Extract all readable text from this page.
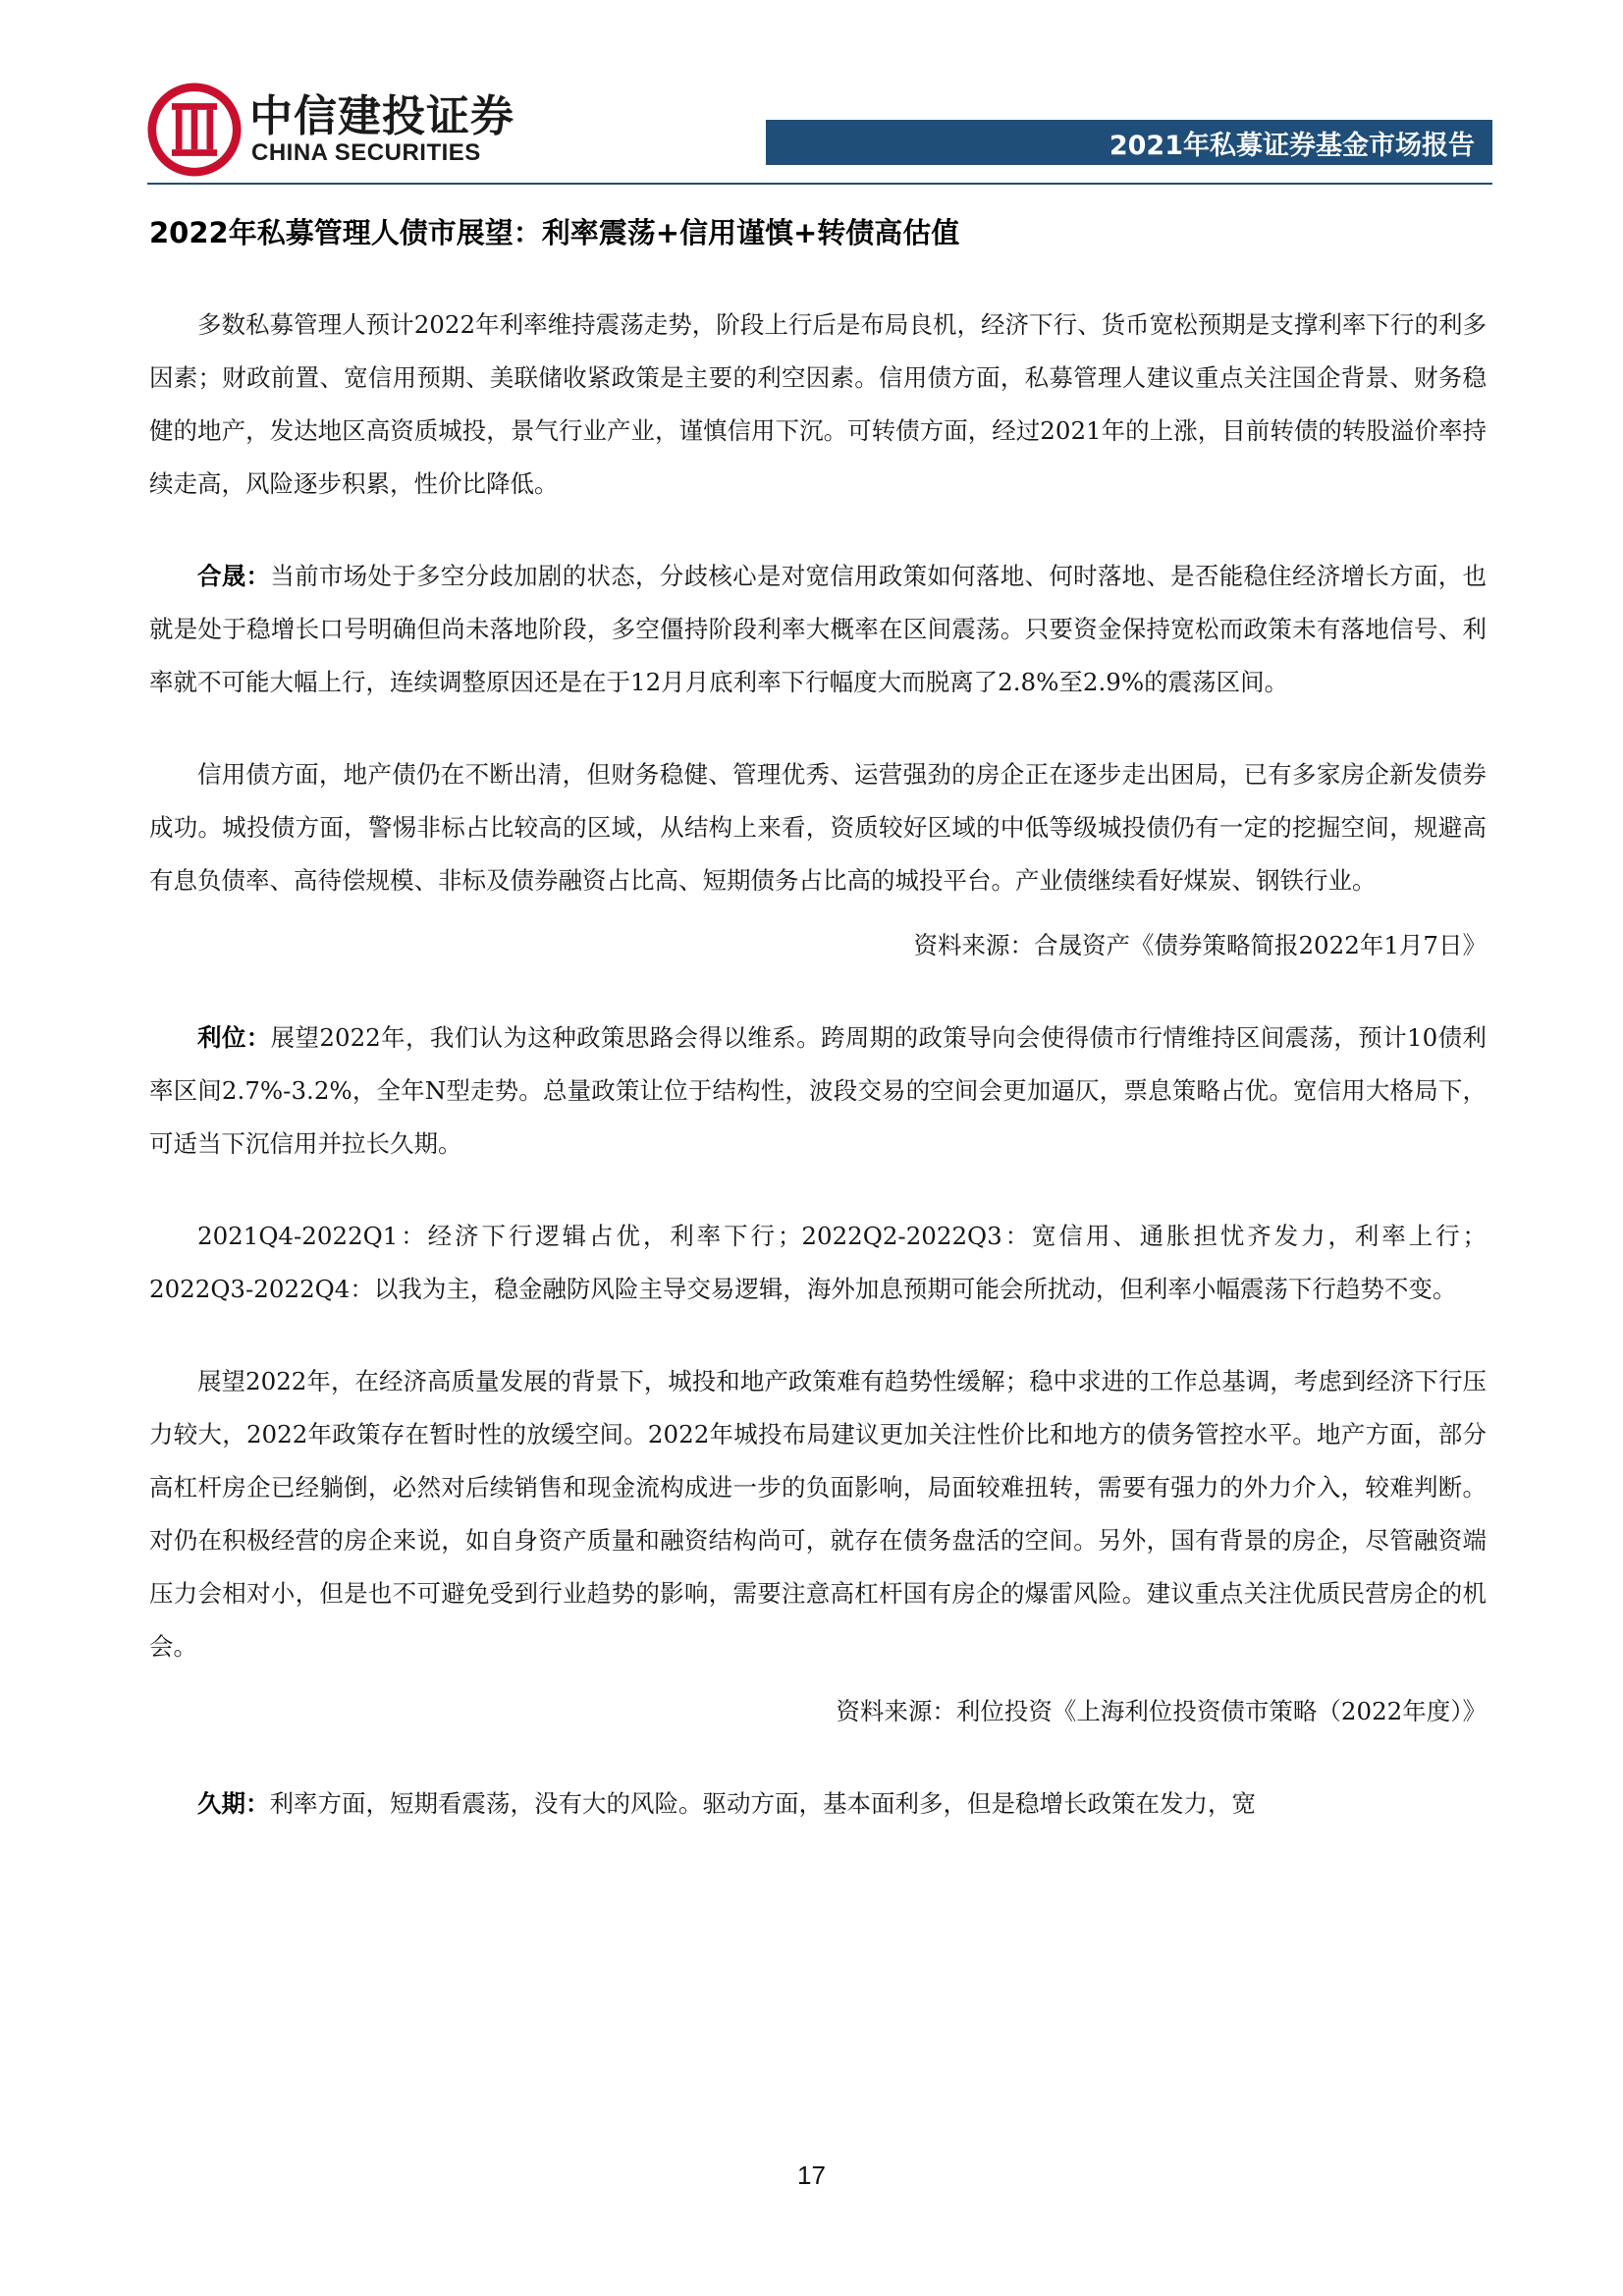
中信建投证券

CHINA SECURITIES	2021年私募证券基金市场报告
2022年私募管理人债市展望：利率震荡+信用谨慎+转债高估值

多数私募管理人预计2022年利率维持震荡走势，阶段上行后是布局良机，经济下行、货币宽松预期是支撑利率下行的利多因素；财政前置、宽信用预期、美联储收紧政策是主要的利空因素。信用债方面，私募管理人建议重点关注国企背景、财务稳健的地产，发达地区高资质城投，景气行业产业，谨慎信用下沉。可转债方面，经过2021年的上涨，目前转债的转股溢价率持续走高，风险逐步积累，性价比降低。

合晟：当前市场处于多空分歧加剧的状态，分歧核心是对宽信用政策如何落地、何时落地、是否能稳住经济增长方面，也就是处于稳增长口号明确但尚未落地阶段，多空僵持阶段利率大概率在区间震荡。只要资金保持宽松而政策未有落地信号、利率就不可能大幅上行，连续调整原因还是在于12月月底利率下行幅度大而脱离了2.8%至2.9%的震荡区间。

信用债方面，地产债仍在不断出清，但财务稳健、管理优秀、运营强劲的房企正在逐步走出困局，已有多家房企新发债券成功。城投债方面，警惕非标占比较高的区域，从结构上来看，资质较好区域的中低等级城投债仍有一定的挖掘空间，规避高有息负债率、高待偿规模、非标及债券融资占比高、短期债务占比高的城投平台。产业债继续看好煤炭、钢铁行业。

资料来源：合晟资产《债券策略简报2022年1月7日》

利位：展望2022年，我们认为这种政策思路会得以维系。跨周期的政策导向会使得债市行情维持区间震荡，预计10债利率区间2.7%-3.2%，全年N型走势。总量政策让位于结构性，波段交易的空间会更加逼仄，票息策略占优。宽信用大格局下，可适当下沉信用并拉长久期。

2021Q4-2022Q1：经济下行逻辑占优，利率下行；2022Q2-2022Q3：宽信用、通胀担忧齐发力，利率上行；2022Q3-2022Q4：以我为主，稳金融防风险主导交易逻辑，海外加息预期可能会所扰动，但利率小幅震荡下行趋势不变。

展望2022年，在经济高质量发展的背景下，城投和地产政策难有趋势性缓解；稳中求进的工作总基调，考虑到经济下行压力较大，2022年政策存在暂时性的放缓空间。2022年城投布局建议更加关注性价比和地方的债务管控水平。地产方面，部分高杠杆房企已经躺倒，必然对后续销售和现金流构成进一步的负面影响，局面较难扭转，需要有强力的外力介入，较难判断。对仍在积极经营的房企来说，如自身资产质量和融资结构尚可，就存在债务盘活的空间。另外，国有背景的房企，尽管融资端压力会相对小，但是也不可避免受到行业趋势的影响，需要注意高杠杆国有房企的爆雷风险。建议重点关注优质民营房企的机会。

资料来源：利位投资《上海利位投资债市策略（2022年度）》

久期：利率方面，短期看震荡，没有大的风险。驱动方面，基本面利多，但是稳增长政策在发力，宽

17
